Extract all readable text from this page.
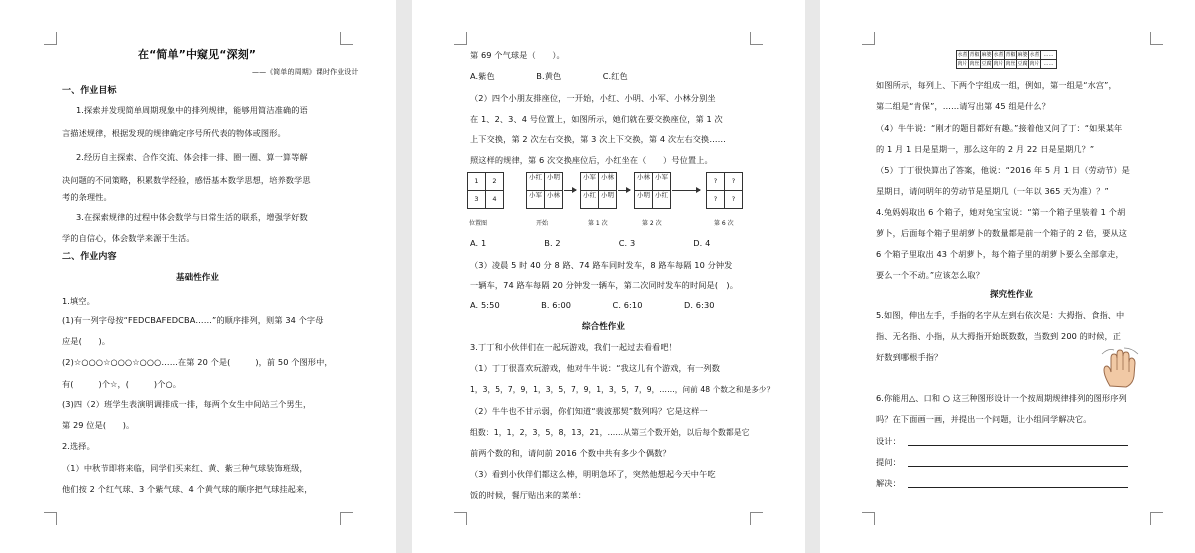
在“简单”中窥见“深刻”
——《简单的周期》课时作业设计
一、作业目标
1.探索并发现简单周期现象中的排列规律，能够用简洁准确的语
言描述规律，根据发现的规律确定序号所代表的物体或图形。
2.经历自主探索、合作交流、体会排一排、圈一圈、算一算等解
决问题的不同策略，积累数学经验，感悟基本数学思想，培养数学思
考的条理性。
3.在探索规律的过程中体会数学与日常生活的联系，增强学好数
学的自信心，体会数学来源于生活。
二、作业内容
基础性作业
1.填空。
(1)有一列字母按“FEDCBAFEDCBA……”的顺序排列，则第 34 个字母
应是(　　)。
(2)☆○○○☆○○○☆○○○……在第 20 个是(　　　)，前 50 个图形中，
有(　　　)个☆，(　　　)个○。
(3)四（2）班学生表演明调排成一排，每两个女生中间站三个男生，
第 29 位是(　　)。
2.选择。
（1）中秋节即将来临，同学们买来红、黄、紫三种气球装饰班级，
他们按 2 个红气球、3 个紫气球、4 个黄气球的顺序把气球挂起来，
第 69 个气球是（　　）。
A.紫色　　　　　B.黄色　　　　　C.红色
（2）四个小朋友排座位，一开始，小红、小明、小军、小林分别坐
在 1、2、3、4 号位置上，如图所示，她们就在要交换座位，第 1 次
上下交换，第 2 次左右交换，第 3 次上下交换，第 4 次左右交换……
照这样的规律，第 6 次交换座位后，小红坐在（　　）号位置上。
1	2
3	4
小红 小明
小军 小林
小军 小林
小红 小明
小林 小军
小明 小红
?	?
?	?
位置图	开始	第 1 次	第 2 次	第 6 次
A. 1　　　　　　　B. 2　　　　　　　C. 3　　　　　　　D. 4
（3）凌晨 5 时 40 分 8 路、74 路车同时发车，8 路车每隔 10 分钟发
一辆车，74 路车每隔 20 分钟发一辆车，第二次同时发车的时间是(　)。
A. 5:50　　　　　B. 6:00　　　　　C. 6:10　　　　　D. 6:30
综合性作业
3.丁丁和小伙伴们在一起玩游戏，我们一起过去看看吧！
（1）丁丁很喜欢玩游戏，他对牛牛说：“我这儿有个游戏，有一列数
1，3，5，7，9，1，3，5，7，9，1，3，5，7，9，……，问前 48 个数之和是多少？
（2）牛牛也不甘示弱，你们知道“裴波那契”数列吗？它是这样一
组数：1，1，2，3，5，8，13，21，……从第三个数开始，以后每个数都是它
前两个数的和，请问前 2016 个数中共有多少个偶数？
（3）看到小伙伴们都这么棒，明明急坏了，突然他想起今天中午吃
饭的时候，餐厅贴出来的菜单：
水煮 青椒 麻婆 水煮 青椒 麻婆 水煮 ……
肉片 肉丝 豆腐 肉片 肉丝 豆腐 肉片 ……
如图所示，每列上、下两个字组成一组，例如，第一组是“水宫”，
第二组是“肯保”，……请写出第 45 组是什么？
（4）牛牛说：“刚才的题目都好有趣。”接着他又问了丁：“如果某年
的 1 月 1 日是星期一，那么这年的 2 月 22 日是星期几？”
（5）丁丁很快算出了答案，他说：“2016 年 5 月 1 日（劳动节）是
星期日，请问明年的劳动节是星期几（一年以 365 天为准）？”
4.兔妈妈取出 6 个箱子，她对兔宝宝说：“第一个箱子里装着 1 个胡
萝卜，后面每个箱子里胡萝卜的数量都是前一个箱子的 2 倍，要从这
6 个箱子里取出 43 个胡萝卜，每个箱子里的胡萝卜要么全部拿走，
要么一个不动。”应该怎么取？
探究性作业
5.如图，伸出左手，手指的名字从左到右依次是：大拇指、食指、中
指、无名指、小指，从大拇指开始既数数，当数到 200 的时候，正
好数到哪根手指？
6.你能用△、口和 ○ 这三种图形设计一个按周期规律排列的图形序列
吗？在下面画一画，并提出一个问题，让小组同学解决它。
设计：
提问：
解决：
